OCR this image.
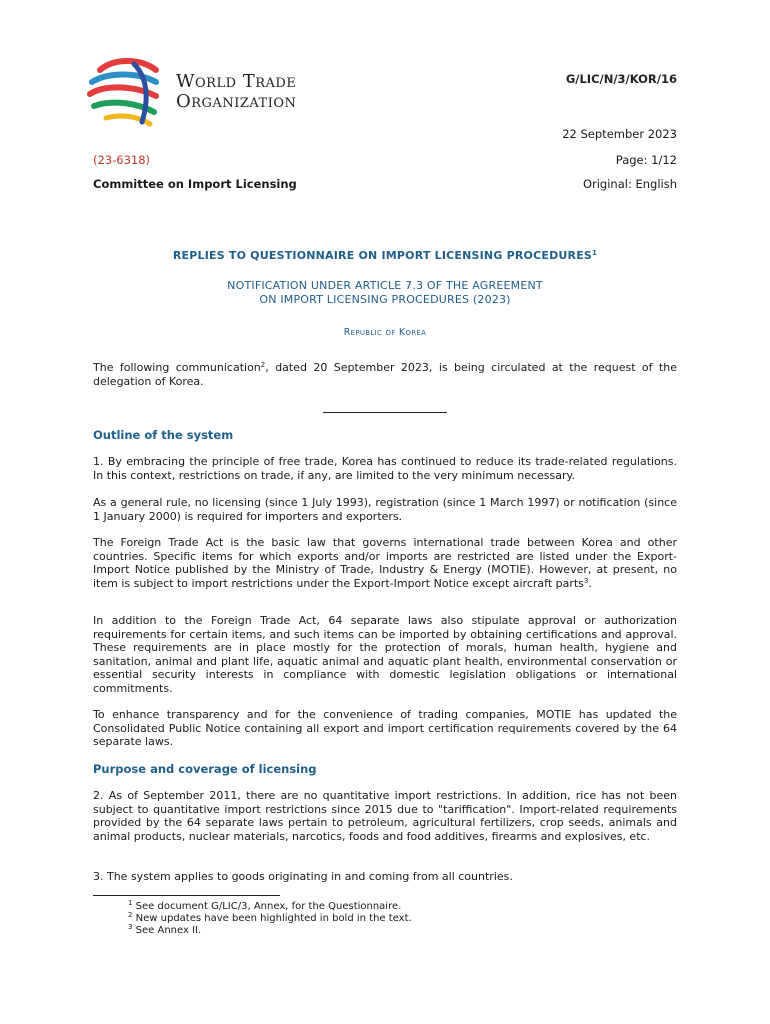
World Trade
Organization
G/LIC/N/3/KOR/16
22 September 2023
(23-6318)	Page: 1/12
Committee on Import Licensing	Original: English
REPLIES TO QUESTIONNAIRE ON IMPORT LICENSING PROCEDURES$^1$
NOTIFICATION UNDER ARTICLE 7.3 OF THE AGREEMENT
ON IMPORT LICENSING PROCEDURES (2023)
Republic of Korea
The following communication$^2$, dated 20 September 2023, is being circulated at the request of the delegation of Korea.
Outline of the system
1. By embracing the principle of free trade, Korea has continued to reduce its trade-related regulations. In this context, restrictions on trade, if any, are limited to the very minimum necessary.
As a general rule, no licensing (since 1 July 1993), registration (since 1 March 1997) or notification (since 1 January 2000) is required for importers and exporters.
The Foreign Trade Act is the basic law that governs international trade between Korea and other countries. Specific items for which exports and/or imports are restricted are listed under the Export-Import Notice published by the Ministry of Trade, Industry & Energy (MOTIE). However, at present, no item is subject to import restrictions under the Export-Import Notice except aircraft parts$^3$.
In addition to the Foreign Trade Act, 64 separate laws also stipulate approval or authorization requirements for certain items, and such items can be imported by obtaining certifications and approval. These requirements are in place mostly for the protection of morals, human health, hygiene and sanitation, animal and plant life, aquatic animal and aquatic plant health, environmental conservation or essential security interests in compliance with domestic legislation obligations or international commitments.
To enhance transparency and for the convenience of trading companies, MOTIE has updated the Consolidated Public Notice containing all export and import certification requirements covered by the 64 separate laws.
Purpose and coverage of licensing
2. As of September 2011, there are no quantitative import restrictions. In addition, rice has not been subject to quantitative import restrictions since 2015 due to "tariffication". Import-related requirements provided by the 64 separate laws pertain to petroleum, agricultural fertilizers, crop seeds, animals and animal products, nuclear materials, narcotics, foods and food additives, firearms and explosives, etc.
3. The system applies to goods originating in and coming from all countries.
$^1$ See document G/LIC/3, Annex, for the Questionnaire.
$^2$ New updates have been highlighted in bold in the text.
$^3$ See Annex II.
